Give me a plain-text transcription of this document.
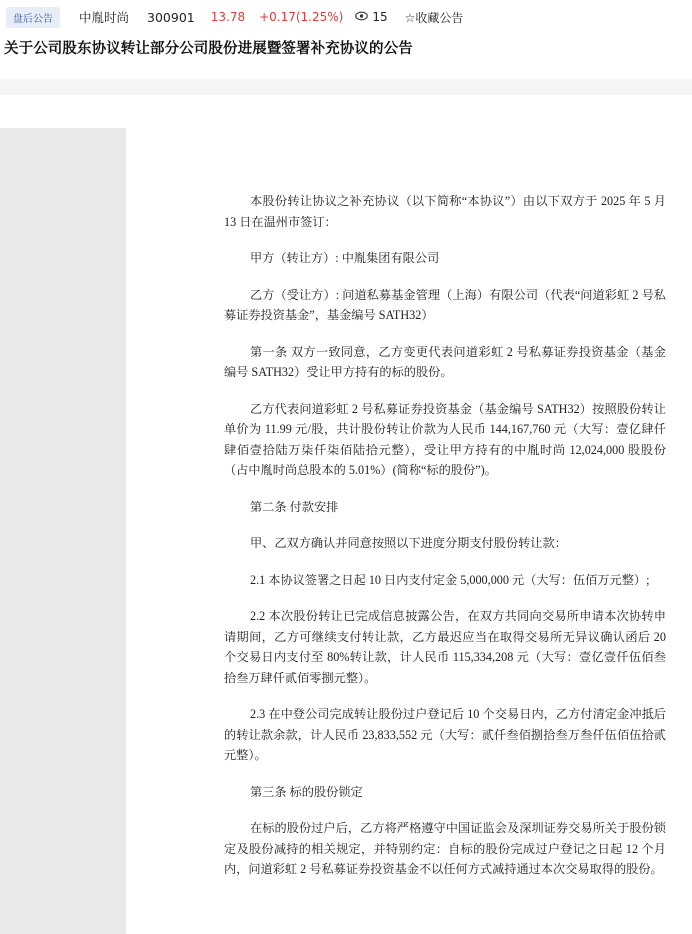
盘后公告	中胤时尚 300901 13.78 +0.17(1.25%) 15 ☆收藏公告
关于公司股东协议转让部分公司股份进展暨签署补充协议的公告

本股份转让协议之补充协议（以下简称“本协议”）由以下双方于 2025 年 5 月 13 日在温州市签订：

甲方（转让方）: 中胤集团有限公司

乙方（受让方）: 问道私募基金管理（上海）有限公司（代表“问道彩虹 2 号私募证券投资基金”，基金编号 SATH32）

第一条 双方一致同意，乙方变更代表问道彩虹 2 号私募证券投资基金（基金编号 SATH32）受让甲方持有的标的股份。

乙方代表问道彩虹 2 号私募证券投资基金（基金编号 SATH32）按照股份转让单价为 11.99 元/股，共计股份转让价款为人民币 144,167,760 元（大写：壹亿肆仟肆佰壹拾陆万柒仟柒佰陆拾元整），受让甲方持有的中胤时尚 12,024,000 股股份（占中胤时尚总股本的 5.01%）(简称“标的股份”)。

第二条 付款安排

甲、乙双方确认并同意按照以下进度分期支付股份转让款：

2.1 本协议签署之日起 10 日内支付定金 5,000,000 元（大写：伍佰万元整）;

2.2 本次股份转让已完成信息披露公告，在双方共同向交易所申请本次协转申请期间，乙方可继续支付转让款，乙方最迟应当在取得交易所无异议确认函后 20 个交易日内支付至 80%转让款，计人民币 115,334,208 元（大写：壹亿壹仟伍佰叁拾叁万肆仟贰佰零捌元整）。

2.3 在中登公司完成转让股份过户登记后 10 个交易日内，乙方付清定金冲抵后的转让款余款，计人民币 23,833,552 元（大写：贰仟叁佰捌拾叁万叁仟伍佰伍拾贰元整）。

第三条 标的股份锁定

在标的股份过户后，乙方将严格遵守中国证监会及深圳证券交易所关于股份锁定及股份减持的相关规定，并特别约定：自标的股份完成过户登记之日起 12 个月内，问道彩虹 2 号私募证券投资基金不以任何方式减持通过本次交易取得的股份。
